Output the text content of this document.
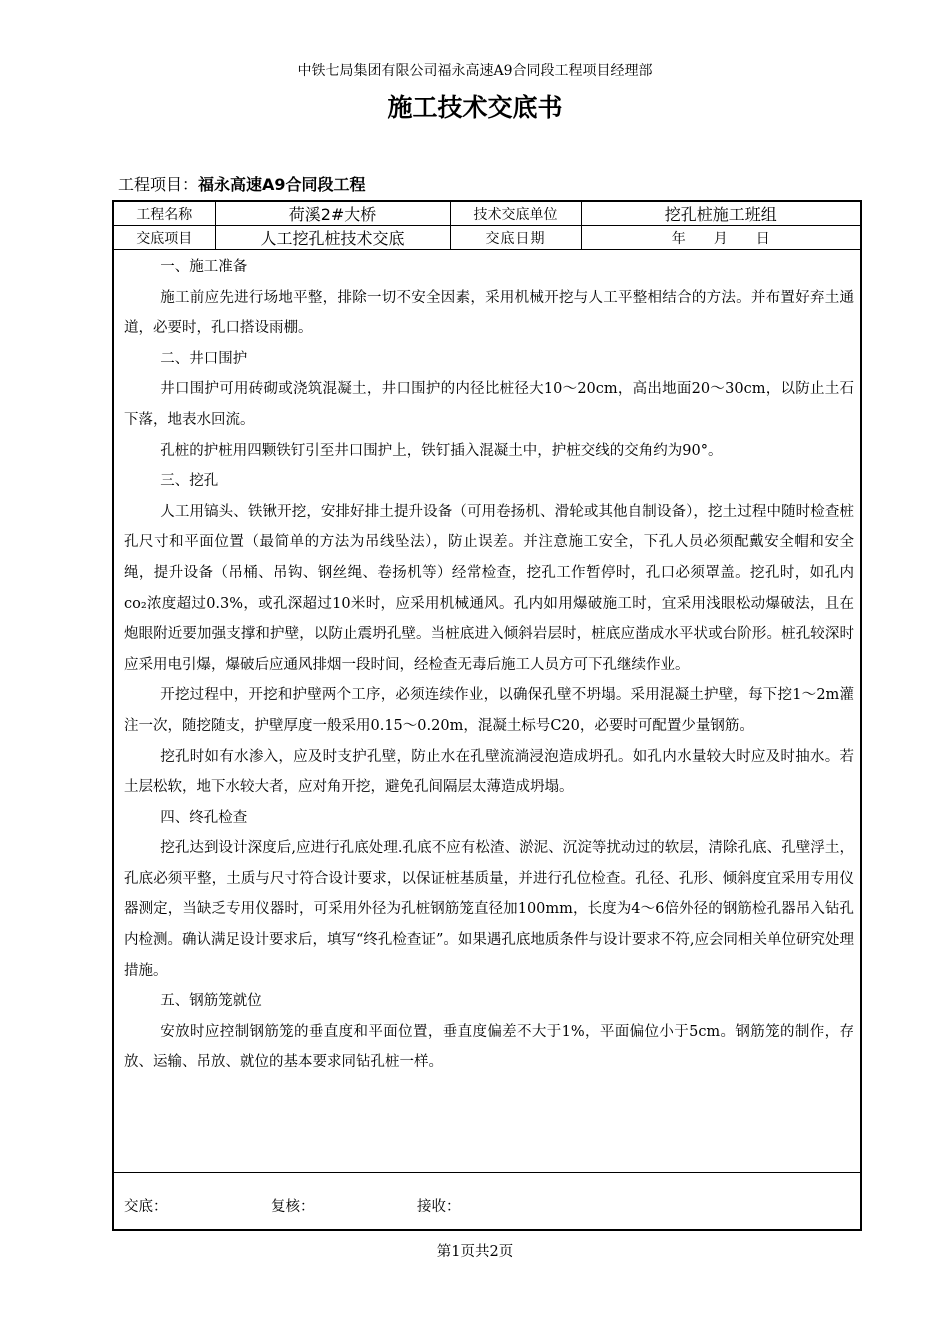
中铁七局集团有限公司福永高速A9合同段工程项目经理部
施工技术交底书
工程项目：福永高速A9合同段工程
工程名称	荷溪2#大桥	技术交底单位	挖孔桩施工班组
交底项目	人工挖孔桩技术交底	交底日期	年　　月　　日

一、施工准备

施工前应先进行场地平整，排除一切不安全因素，采用机械开挖与人工平整相结合的方法。并布置好弃土通道，必要时，孔口搭设雨棚。

二、井口围护

井口围护可用砖砌或浇筑混凝土，井口围护的内径比桩径大10～20cm，高出地面20～30cm，以防止土石下落，地表水回流。

孔桩的护桩用四颗铁钉引至井口围护上，铁钉插入混凝土中，护桩交线的交角约为90°。

三、挖孔

人工用镐头、铁锹开挖，安排好排土提升设备（可用卷扬机、滑轮或其他自制设备），挖土过程中随时检查桩孔尺寸和平面位置（最简单的方法为吊线坠法），防止误差。并注意施工安全，下孔人员必须配戴安全帽和安全绳，提升设备（吊桶、吊钩、钢丝绳、卷扬机等）经常检查，挖孔工作暂停时，孔口必须罩盖。挖孔时，如孔内co₂浓度超过0.3%，或孔深超过10米时，应采用机械通风。孔内如用爆破施工时，宜采用浅眼松动爆破法，且在炮眼附近要加强支撑和护壁，以防止震坍孔壁。当桩底进入倾斜岩层时，桩底应凿成水平状或台阶形。桩孔较深时应采用电引爆，爆破后应通风排烟一段时间，经检查无毒后施工人员方可下孔继续作业。

开挖过程中，开挖和护壁两个工序，必须连续作业，以确保孔壁不坍塌。采用混凝土护壁，每下挖1～2m灌注一次，随挖随支，护壁厚度一般采用0.15～0.20m，混凝土标号C20，必要时可配置少量钢筋。

挖孔时如有水渗入，应及时支护孔壁，防止水在孔壁流淌浸泡造成坍孔。如孔内水量较大时应及时抽水。若土层松软，地下水较大者，应对角开挖，避免孔间隔层太薄造成坍塌。

四、终孔检查

挖孔达到设计深度后,应进行孔底处理.孔底不应有松渣、淤泥、沉淀等扰动过的软层，清除孔底、孔壁浮土，孔底必须平整，土质与尺寸符合设计要求，以保证桩基质量，并进行孔位检查。孔径、孔形、倾斜度宜采用专用仪器测定，当缺乏专用仪器时，可采用外径为孔桩钢筋笼直径加100mm，长度为4～6倍外径的钢筋检孔器吊入钻孔内检测。确认满足设计要求后，填写“终孔检查证”。如果遇孔底地质条件与设计要求不符,应会同相关单位研究处理措施。

五、钢筋笼就位

安放时应控制钢筋笼的垂直度和平面位置，垂直度偏差不大于1%，平面偏位小于5cm。钢筋笼的制作，存放、运输、吊放、就位的基本要求同钻孔桩一样。

交底：	复核：	接收：
第1页共2页
